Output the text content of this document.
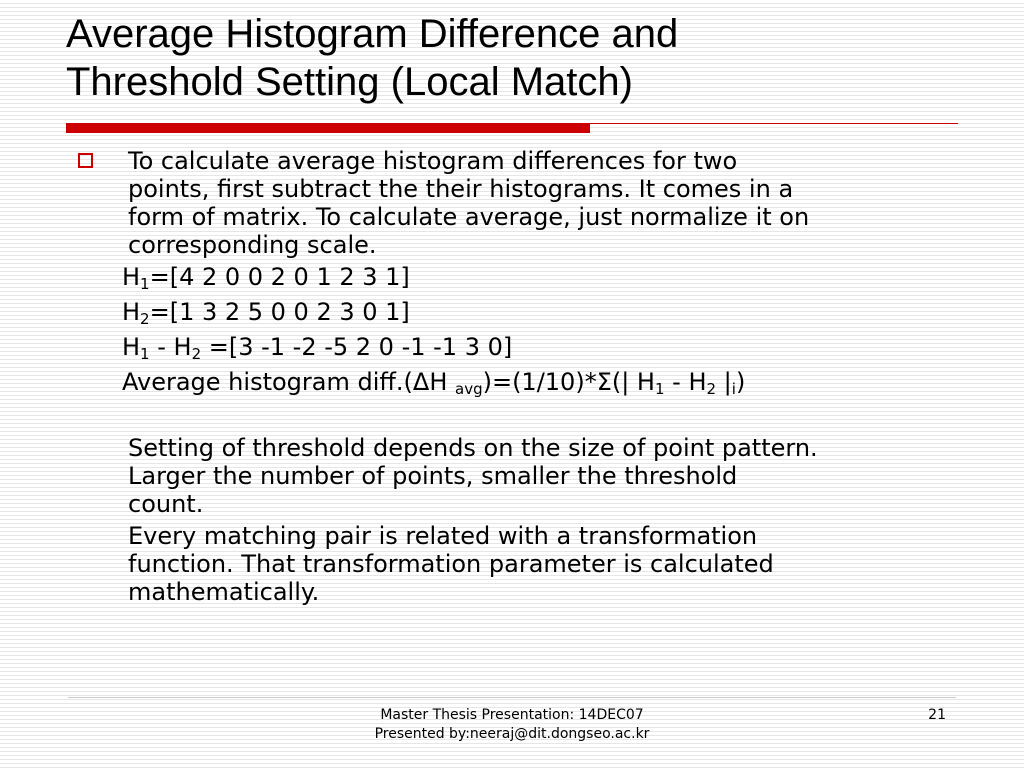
Average Histogram Difference and
Threshold Setting (Local Match)

To calculate average histogram differences for two
points, first subtract the their histograms. It comes in a
form of matrix. To calculate average, just normalize it on
corresponding scale.

$H_1=[4$ 2 0 0 2 0 1 2 3 1]
$H_2=[1$ 3 2 5 0 0 2 3 0 1]
$H_1 - H_2 =[3$ -1 -2 -5 2 0 -1 -1 3 0]
Average histogram diff.(ΔH $_{avg}$)=(1/10)*Σ(| $H_1 - H_2$ $|_i$)

Setting of threshold depends on the size of point pattern.
Larger the number of points, smaller the threshold
count.

Every matching pair is related with a transformation
function. That transformation parameter is calculated
mathematically.

Master Thesis Presentation: 14DEC07
Presented by:neeraj@dit.dongseo.ac.kr
21
